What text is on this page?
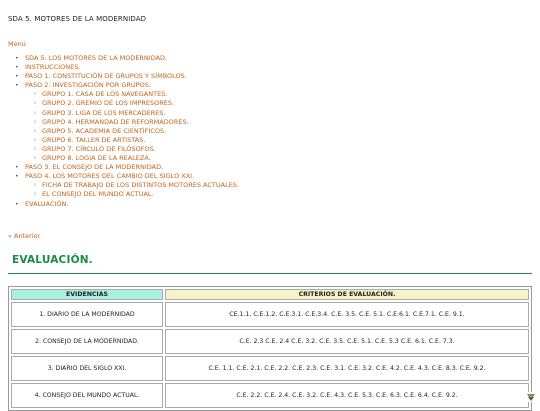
SDA 5. MOTORES DE LA MODERNIDAD
Menú
• SDA 5. LOS MOTORES DE LA MODERNIDAD.
• INSTRUCCIONES.
• PASO 1. CONSTITUCIÓN DE GRUPOS Y SÍMBOLOS.
• PASO 2. INVESTIGACIÓN POR GRUPOS.
◦ GRUPO 1. CASA DE LOS NAVEGANTES.
◦ GRUPO 2. GREMIO DE LOS IMPRESORES.
◦ GRUPO 3. LIGA DE LOS MERCADERES.
◦ GRUPO 4. HERMANDAD DE REFORMADORES.
◦ GRUPO 5. ACADEMIA DE CIENTÍFICOS.
◦ GRUPO 6. TALLER DE ARTISTAS.
◦ GRUPO 7. CÍRCULO DE FILÓSOFOS.
◦ GRUPO 8. LOGIA DE LA REALEZA.
• PASO 3. EL CONSEJO DE LA MODERNIDAD.
• PASO 4. LOS MOTORES DEL CAMBIO DEL SIGLO XXI.
◦ FICHA DE TRABAJO DE LOS DISTINTOS MOTORES ACTUALES.
◦ EL CONSEJO DEL MUNDO ACTUAL.
• EVALUACIÓN.
« Anterior
EVALUACIÓN.
EVIDENCIAS	CRITERIOS DE EVALUACIÓN.
1. DIARIO DE LA MODERNIDAD	CE.1.1. C.E.1.2. C.E.3.1. C.E.3.4. C.E. 3.5. C.E. 5.1. C.E.6.1. C.E.7.1. C.E. 9.1.
2. CONSEJO DE LA MODERNIDAD.	C.E. 2.3 C.E. 2.4 C.E. 3.2. C.E. 3.5. C.E. 5.1. C.E. 5.3 C.E. 6.1. C.E. 7.3.
3. DIARIO DEL SIGLO XXI.	C.E. 1.1. C.E. 2.1. C.E. 2.2. C.E. 2.3. C.E. 3.1. C.E. 3.2. C.E. 4.2. C.E. 4.3. C.E. 8.3. C.E. 9.2.
4. CONSEJO DEL MUNDO ACTUAL.	C.E. 2.2. C.E. 2.4. C.E. 3.2. C.E. 4.3. C.E. 5.3. C.E. 6.3. C.E. 6.4. C.E. 9.2.
